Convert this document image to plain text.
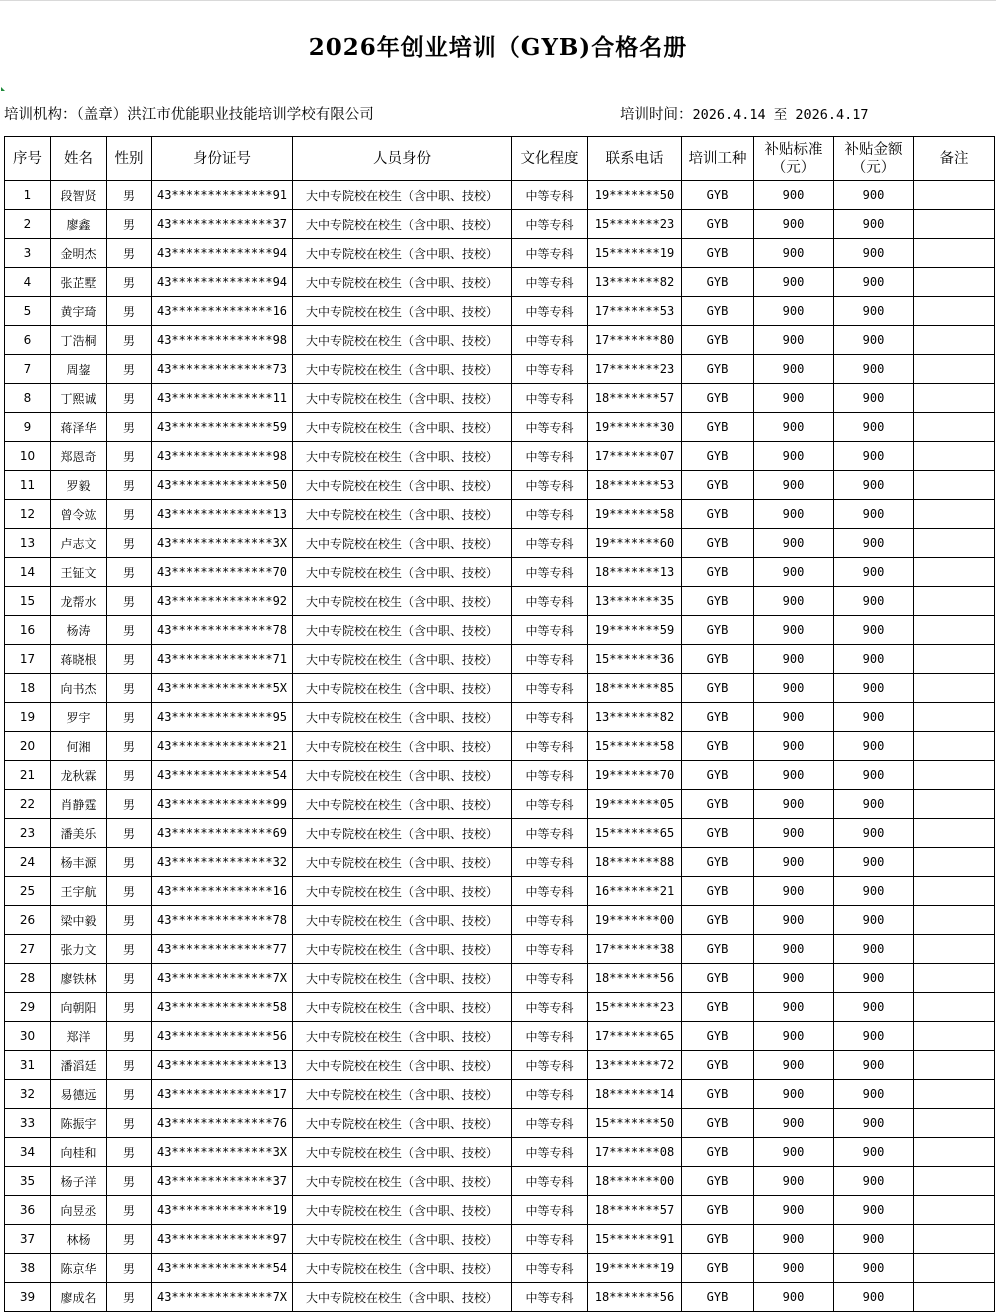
2026年创业培训（GYB)合格名册
培训机构：（盖章）洪江市优能职业技能培训学校有限公司	培训时间：2026.4.14 至 2026.4.17
序号	姓名	性别	身份证号	人员身份	文化程度	联系电话	培训工种	补贴标准（元）	补贴金额（元）	备注
1	段智贤	男	43**************91	大中专院校在校生（含中职、技校）	中等专科	19*******50	GYB	900	900	
2	廖鑫	男	43**************37	大中专院校在校生（含中职、技校）	中等专科	15*******23	GYB	900	900	
3	金明杰	男	43**************94	大中专院校在校生（含中职、技校）	中等专科	15*******19	GYB	900	900	
4	张芷墅	男	43**************94	大中专院校在校生（含中职、技校）	中等专科	13*******82	GYB	900	900	
5	黄宇琦	男	43**************16	大中专院校在校生（含中职、技校）	中等专科	17*******53	GYB	900	900	
6	丁浩桐	男	43**************98	大中专院校在校生（含中职、技校）	中等专科	17*******80	GYB	900	900	
7	周鋆	男	43**************73	大中专院校在校生（含中职、技校）	中等专科	17*******23	GYB	900	900	
8	丁熙诚	男	43**************11	大中专院校在校生（含中职、技校）	中等专科	18*******57	GYB	900	900	
9	蒋泽华	男	43**************59	大中专院校在校生（含中职、技校）	中等专科	19*******30	GYB	900	900	
10	郑恩奇	男	43**************98	大中专院校在校生（含中职、技校）	中等专科	17*******07	GYB	900	900	
11	罗毅	男	43**************50	大中专院校在校生（含中职、技校）	中等专科	18*******53	GYB	900	900	
12	曾令竑	男	43**************13	大中专院校在校生（含中职、技校）	中等专科	19*******58	GYB	900	900	
13	卢志文	男	43**************3X	大中专院校在校生（含中职、技校）	中等专科	19*******60	GYB	900	900	
14	王钲文	男	43**************70	大中专院校在校生（含中职、技校）	中等专科	18*******13	GYB	900	900	
15	龙帮水	男	43**************92	大中专院校在校生（含中职、技校）	中等专科	13*******35	GYB	900	900	
16	杨涛	男	43**************78	大中专院校在校生（含中职、技校）	中等专科	19*******59	GYB	900	900	
17	蒋晓根	男	43**************71	大中专院校在校生（含中职、技校）	中等专科	15*******36	GYB	900	900	
18	向书杰	男	43**************5X	大中专院校在校生（含中职、技校）	中等专科	18*******85	GYB	900	900	
19	罗宇	男	43**************95	大中专院校在校生（含中职、技校）	中等专科	13*******82	GYB	900	900	
20	何湘	男	43**************21	大中专院校在校生（含中职、技校）	中等专科	15*******58	GYB	900	900	
21	龙秋霖	男	43**************54	大中专院校在校生（含中职、技校）	中等专科	19*******70	GYB	900	900	
22	肖静霆	男	43**************99	大中专院校在校生（含中职、技校）	中等专科	19*******05	GYB	900	900	
23	潘美乐	男	43**************69	大中专院校在校生（含中职、技校）	中等专科	15*******65	GYB	900	900	
24	杨丰源	男	43**************32	大中专院校在校生（含中职、技校）	中等专科	18*******88	GYB	900	900	
25	王宇航	男	43**************16	大中专院校在校生（含中职、技校）	中等专科	16*******21	GYB	900	900	
26	梁中毅	男	43**************78	大中专院校在校生（含中职、技校）	中等专科	19*******00	GYB	900	900	
27	张力文	男	43**************77	大中专院校在校生（含中职、技校）	中等专科	17*******38	GYB	900	900	
28	廖铁林	男	43**************7X	大中专院校在校生（含中职、技校）	中等专科	18*******56	GYB	900	900	
29	向朝阳	男	43**************58	大中专院校在校生（含中职、技校）	中等专科	15*******23	GYB	900	900	
30	郑洋	男	43**************56	大中专院校在校生（含中职、技校）	中等专科	17*******65	GYB	900	900	
31	潘滔廷	男	43**************13	大中专院校在校生（含中职、技校）	中等专科	13*******72	GYB	900	900	
32	易德远	男	43**************17	大中专院校在校生（含中职、技校）	中等专科	18*******14	GYB	900	900	
33	陈振宇	男	43**************76	大中专院校在校生（含中职、技校）	中等专科	15*******50	GYB	900	900	
34	向桂和	男	43**************3X	大中专院校在校生（含中职、技校）	中等专科	17*******08	GYB	900	900	
35	杨子洋	男	43**************37	大中专院校在校生（含中职、技校）	中等专科	18*******00	GYB	900	900	
36	向昱丞	男	43**************19	大中专院校在校生（含中职、技校）	中等专科	18*******57	GYB	900	900	
37	林杨	男	43**************97	大中专院校在校生（含中职、技校）	中等专科	15*******91	GYB	900	900	
38	陈京华	男	43**************54	大中专院校在校生（含中职、技校）	中等专科	19*******19	GYB	900	900	
39	廖成名	男	43**************7X	大中专院校在校生（含中职、技校）	中等专科	18*******56	GYB	900	900	
